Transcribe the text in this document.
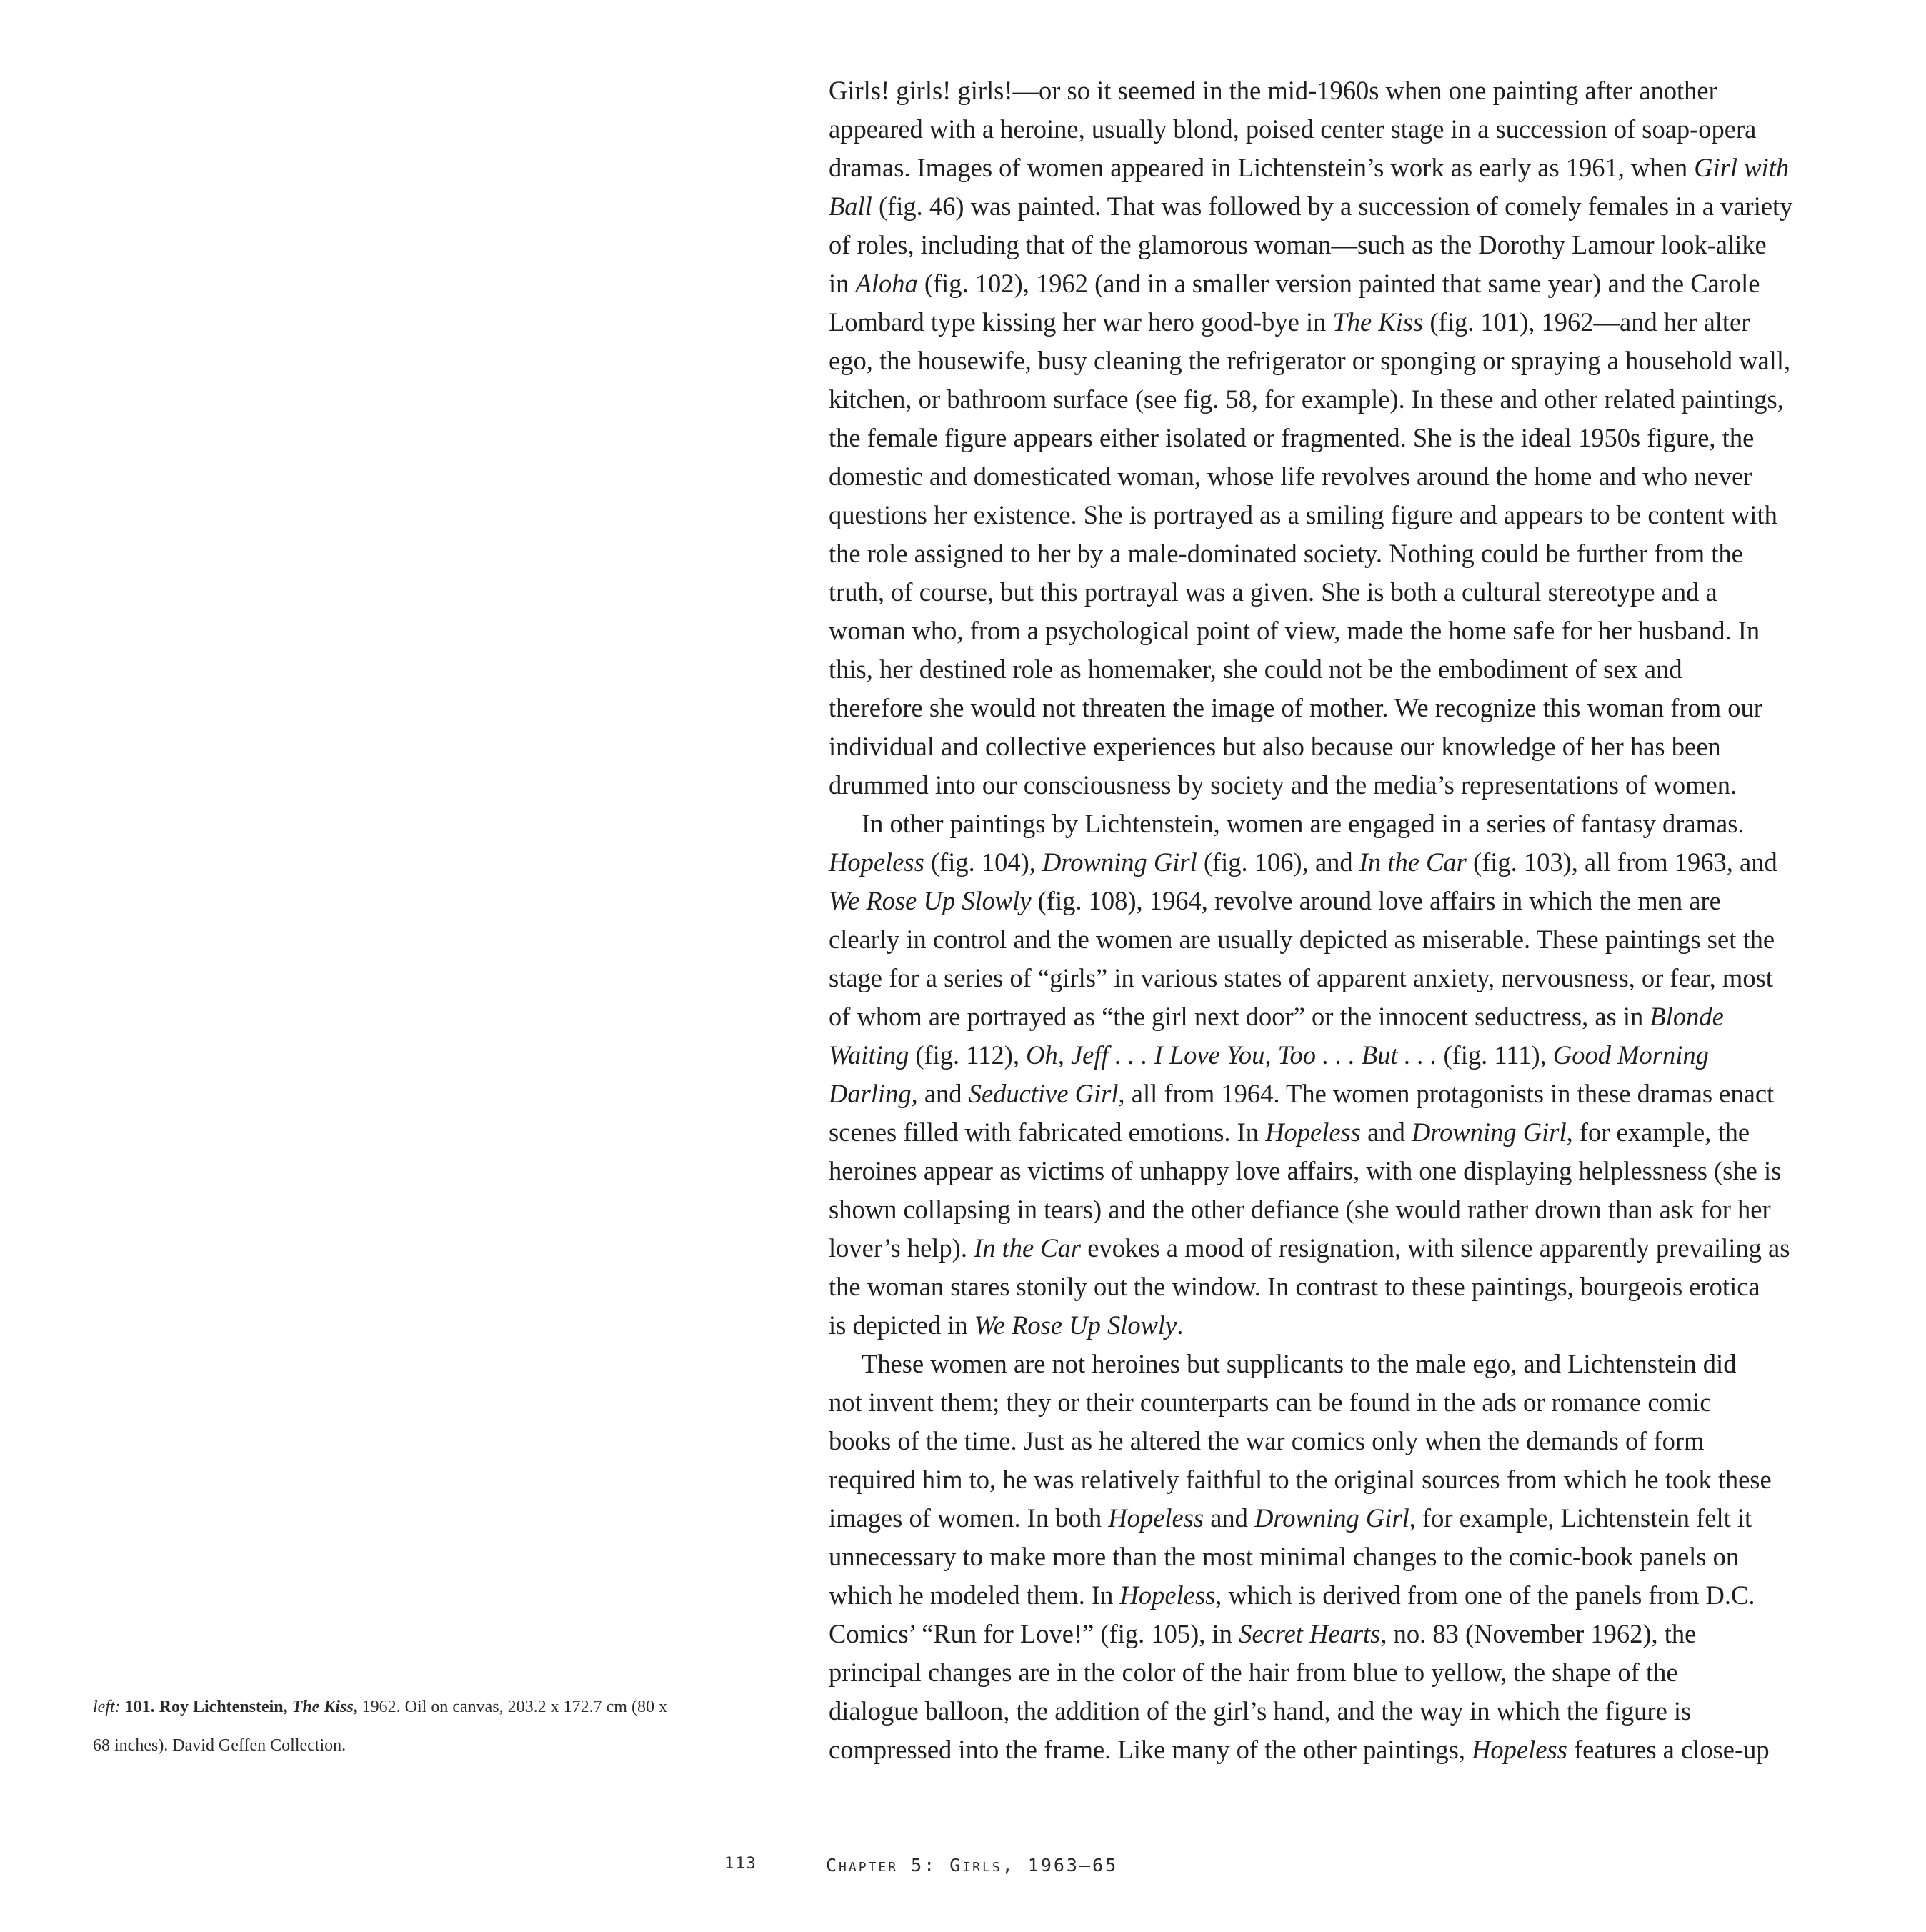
Girls! girls! girls!—or so it seemed in the mid-1960s when one painting after another
appeared with a heroine, usually blond, poised center stage in a succession of soap-opera
dramas. Images of women appeared in Lichtenstein’s work as early as 1961, when Girl with
Ball (fig. 46) was painted. That was followed by a succession of comely females in a variety
of roles, including that of the glamorous woman—such as the Dorothy Lamour look-alike
in Aloha (fig. 102), 1962 (and in a smaller version painted that same year) and the Carole
Lombard type kissing her war hero good-bye in The Kiss (fig. 101), 1962—and her alter
ego, the housewife, busy cleaning the refrigerator or sponging or spraying a household wall,
kitchen, or bathroom surface (see fig. 58, for example). In these and other related paintings,
the female figure appears either isolated or fragmented. She is the ideal 1950s figure, the
domestic and domesticated woman, whose life revolves around the home and who never
questions her existence. She is portrayed as a smiling figure and appears to be content with
the role assigned to her by a male-dominated society. Nothing could be further from the
truth, of course, but this portrayal was a given. She is both a cultural stereotype and a
woman who, from a psychological point of view, made the home safe for her husband. In
this, her destined role as homemaker, she could not be the embodiment of sex and
therefore she would not threaten the image of mother. We recognize this woman from our
individual and collective experiences but also because our knowledge of her has been
drummed into our consciousness by society and the media’s representations of women.
In other paintings by Lichtenstein, women are engaged in a series of fantasy dramas.
Hopeless (fig. 104), Drowning Girl (fig. 106), and In the Car (fig. 103), all from 1963, and
We Rose Up Slowly (fig. 108), 1964, revolve around love affairs in which the men are
clearly in control and the women are usually depicted as miserable. These paintings set the
stage for a series of “girls” in various states of apparent anxiety, nervousness, or fear, most
of whom are portrayed as “the girl next door” or the innocent seductress, as in Blonde
Waiting (fig. 112), Oh, Jeff . . . I Love You, Too . . . But . . . (fig. 111), Good Morning
Darling, and Seductive Girl, all from 1964. The women protagonists in these dramas enact
scenes filled with fabricated emotions. In Hopeless and Drowning Girl, for example, the
heroines appear as victims of unhappy love affairs, with one displaying helplessness (she is
shown collapsing in tears) and the other defiance (she would rather drown than ask for her
lover’s help). In the Car evokes a mood of resignation, with silence apparently prevailing as
the woman stares stonily out the window. In contrast to these paintings, bourgeois erotica
is depicted in We Rose Up Slowly.
These women are not heroines but supplicants to the male ego, and Lichtenstein did
not invent them; they or their counterparts can be found in the ads or romance comic
books of the time. Just as he altered the war comics only when the demands of form
required him to, he was relatively faithful to the original sources from which he took these
images of women. In both Hopeless and Drowning Girl, for example, Lichtenstein felt it
unnecessary to make more than the most minimal changes to the comic-book panels on
which he modeled them. In Hopeless, which is derived from one of the panels from D.C.
Comics’ “Run for Love!” (fig. 105), in Secret Hearts, no. 83 (November 1962), the
principal changes are in the color of the hair from blue to yellow, the shape of the
dialogue balloon, the addition of the girl’s hand, and the way in which the figure is
compressed into the frame. Like many of the other paintings, Hopeless features a close-up
left: 101. Roy Lichtenstein, The Kiss, 1962. Oil on canvas, 203.2 x 172.7 cm (80 x
68 inches). David Geffen Collection.
113	Chapter 5: Girls, 1963–65
